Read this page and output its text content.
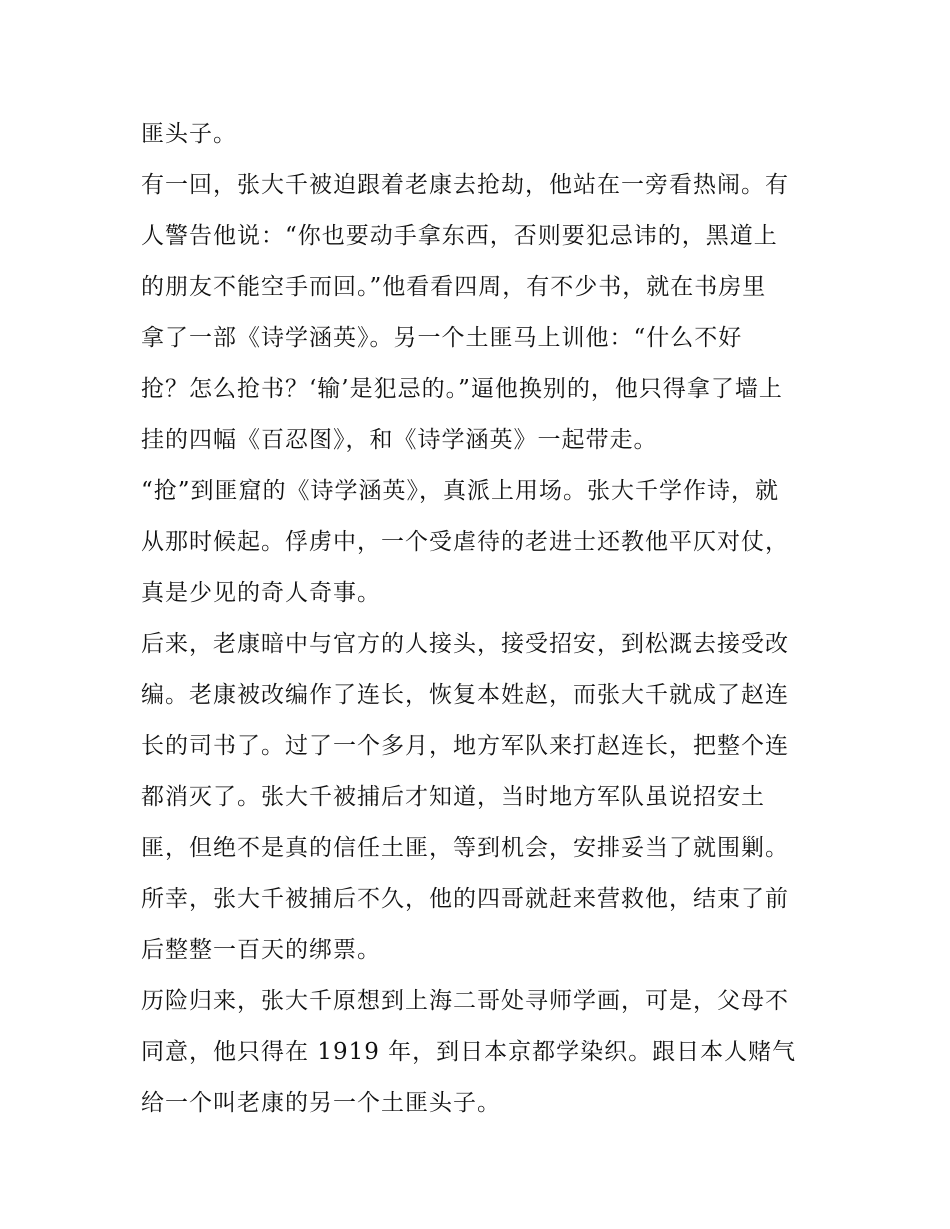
匪头子。
有一回，张大千被迫跟着老康去抢劫，他站在一旁看热闹。有
人警告他说：“你也要动手拿东西，否则要犯忌讳的，黑道上
的朋友不能空手而回。”他看看四周，有不少书，就在书房里
拿了一部《诗学涵英》。另一个土匪马上训他：“什么不好
抢？怎么抢书？‘输’是犯忌的。”逼他换别的，他只得拿了墙上
挂的四幅《百忍图》，和《诗学涵英》一起带走。
“抢”到匪窟的《诗学涵英》，真派上用场。张大千学作诗，就
从那时候起。俘虏中，一个受虐待的老进士还教他平仄对仗，
真是少见的奇人奇事。
后来，老康暗中与官方的人接头，接受招安，到松溉去接受改
编。老康被改编作了连长，恢复本姓赵，而张大千就成了赵连
长的司书了。过了一个多月，地方军队来打赵连长，把整个连
都消灭了。张大千被捕后才知道，当时地方军队虽说招安土
匪，但绝不是真的信任土匪，等到机会，安排妥当了就围剿。
所幸，张大千被捕后不久，他的四哥就赶来营救他，结束了前
后整整一百天的绑票。
历险归来，张大千原想到上海二哥处寻师学画，可是，父母不
同意，他只得在 1919 年，到日本京都学染织。跟日本人赌气
给一个叫老康的另一个土匪头子。
